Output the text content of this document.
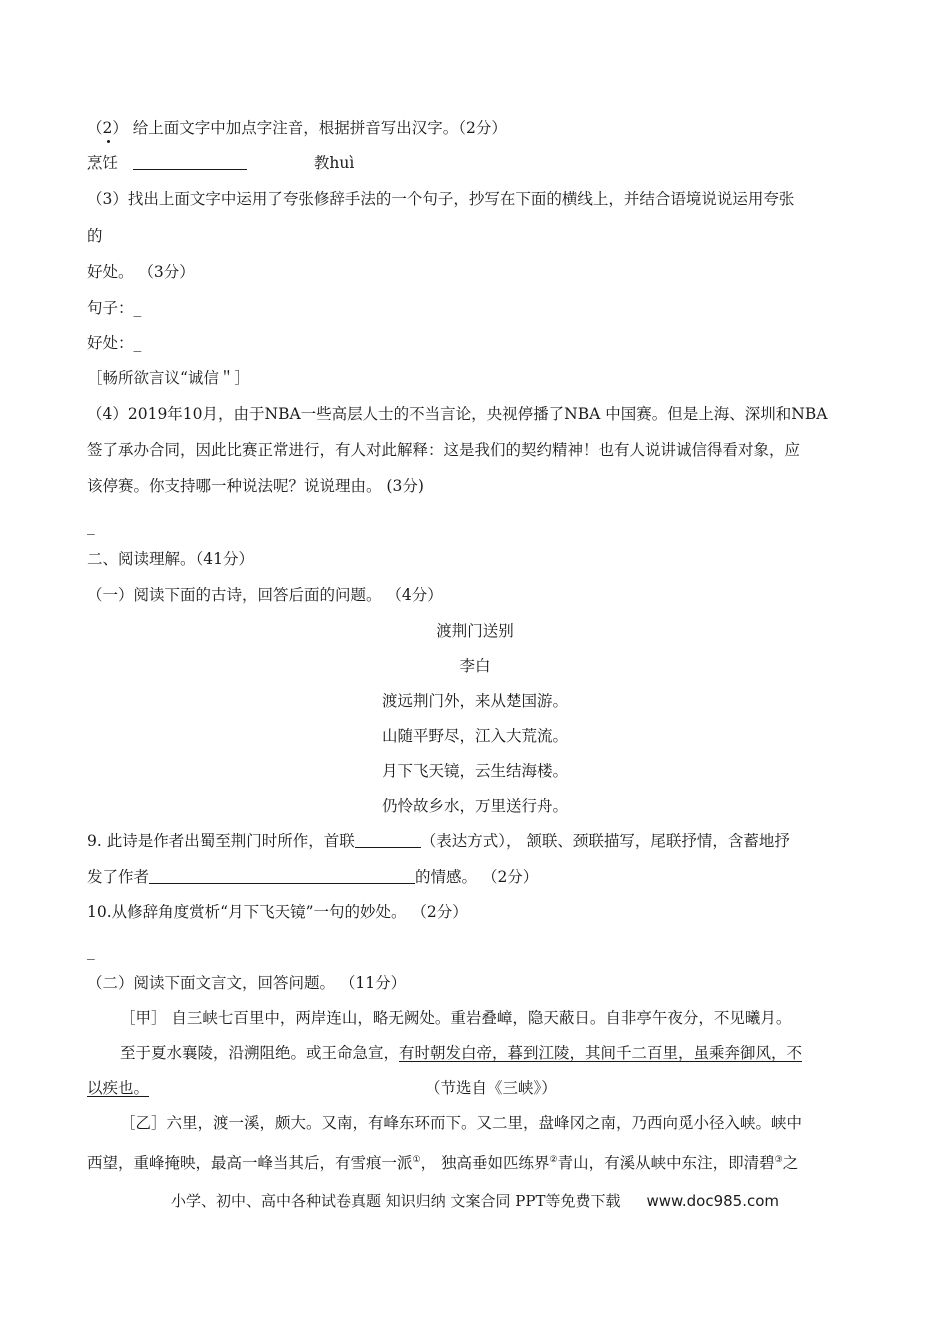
（2） 给上面文字中加点字注音，根据拼音写出汉字。（2分）
烹饪	教huì
（3）找出上面文字中运用了夸张修辞手法的一个句子，抄写在下面的横线上，并结合语境说说运用夸张
的
好处。 （3分）
句子：_
好处：_
［畅所欲言议“诚信＂］
（4）2019年10月，由于NBA一些高层人士的不当言论，央视停播了NBA 中国赛。但是上海、深圳和NBA
签了承办合同，因此比赛正常进行，有人对此解释：这是我们的契约精神！也有人说讲诚信得看对象，应
该停赛。你支持哪一种说法呢？说说理由。 (3分)
_
二、阅读理解。（41分）
（一）阅读下面的古诗，回答后面的问题。 （4分）
渡荆门送别
李白
渡远荆门外，来从楚国游。
山随平野尽，江入大荒流。
月下飞天镜，云生结海楼。
仍怜故乡水，万里送行舟。
9. 此诗是作者出蜀至荆门时所作，首联	（表达方式）， 颔联、颈联描写，尾联抒情，含蓄地抒
发了作者	的情感。 （2分）
10.从修辞角度赏析“月下飞天镜”一句的妙处。 （2分）
_
（二）阅读下面文言文，回答问题。 （11分）
［甲］ 自三峡七百里中，两岸连山，略无阙处。重岩叠嶂，隐天蔽日。自非亭午夜分，不见曦月。
至于夏水襄陵，沿溯阻绝。或王命急宣，有时朝发白帝，暮到江陵，其间千二百里，虽乘奔御风，不
以疾也。	（节选自《三峡》）
［乙］六里，渡一溪，颇大。又南，有峰东环而下。又二里，盘峰冈之南，乃西向觅小径入峡。峡中
西望，重峰掩映，最高一峰当其后，有雪痕一派①， 独高垂如匹练界②青山，有溪从峡中东注，即清碧③之
小学、初中、高中各种试卷真题 知识归纳 文案合同 PPT等免费下载 www.doc985.com
